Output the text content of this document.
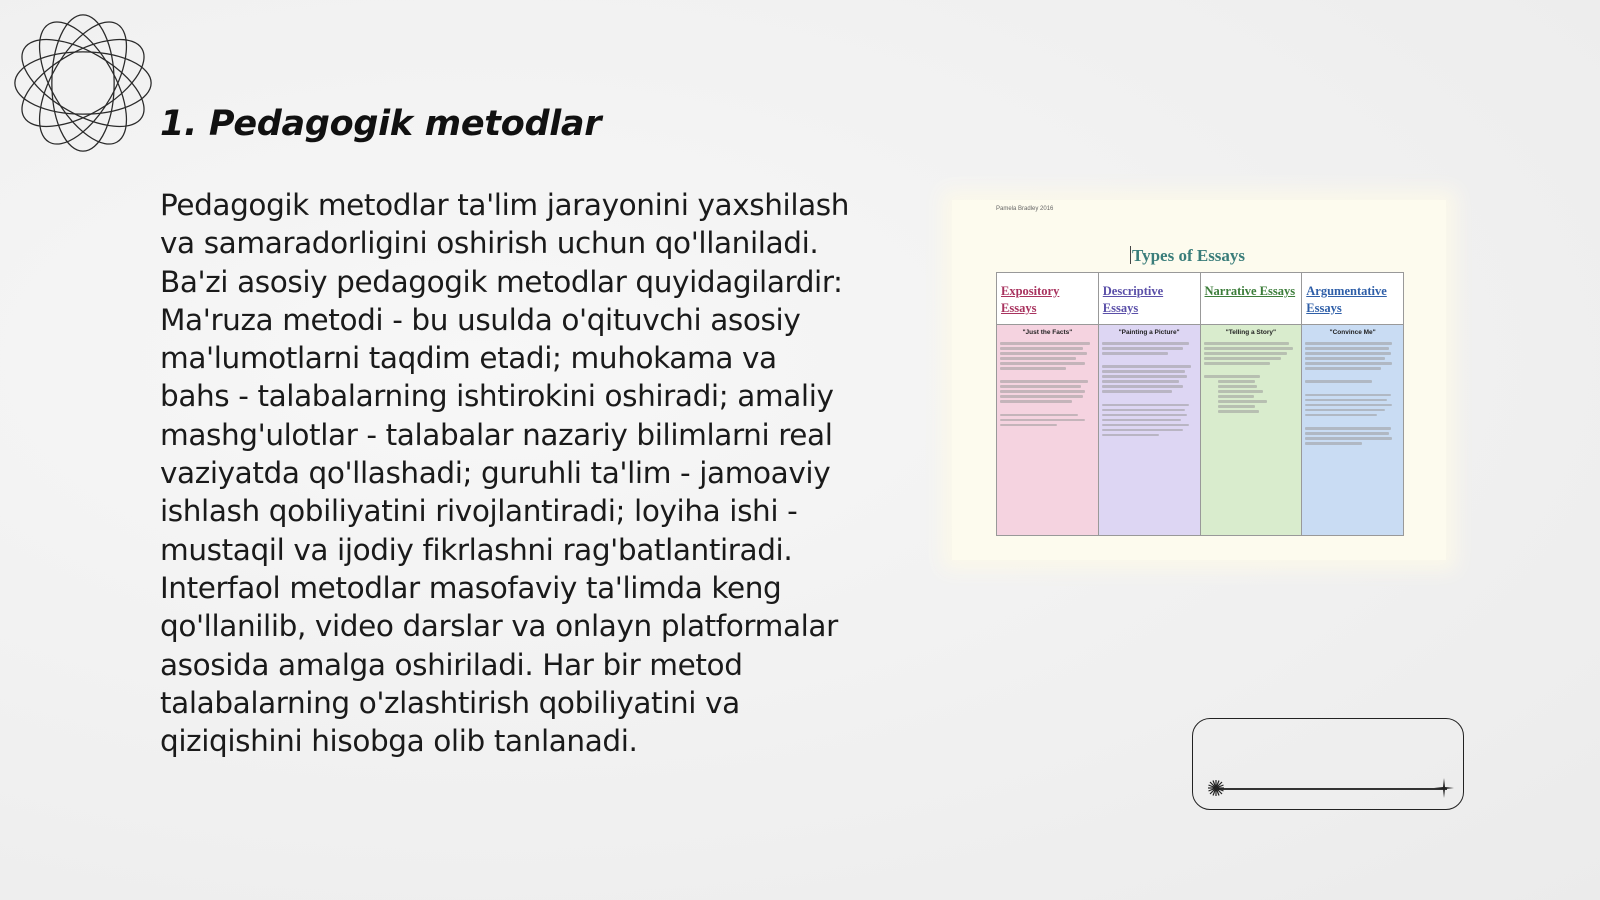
1. Pedagogik metodlar

Pedagogik metodlar ta'lim jarayonini yaxshilash va samaradorligini oshirish uchun qo'llaniladi. Ba'zi asosiy pedagogik metodlar quyidagilardir: Ma'ruza metodi - bu usulda o'qituvchi asosiy ma'lumotlarni taqdim etadi; muhokama va bahs - talabalarning ishtirokini oshiradi; amaliy mashg'ulotlar - talabalar nazariy bilimlarni real vaziyatda qo'llashadi; guruhli ta'lim - jamoaviy ishlash qobiliyatini rivojlantiradi; loyiha ishi - mustaqil va ijodiy fikrlashni rag'batlantiradi. Interfaol metodlar masofaviy ta'limda keng qo'llanilib, video darslar va onlayn platformalar asosida amalga oshiriladi. Har bir metod talabalarning o'zlashtirish qobiliyatini va qiziqishini hisobga olib tanlanadi.

Pamela Bradley 2016
Types of Essays
Expository Essays
"Just the Facts"
Descriptive Essays
"Painting a Picture"
Narrative Essays
"Telling a Story"
Argumentative Essays
"Convince Me"
